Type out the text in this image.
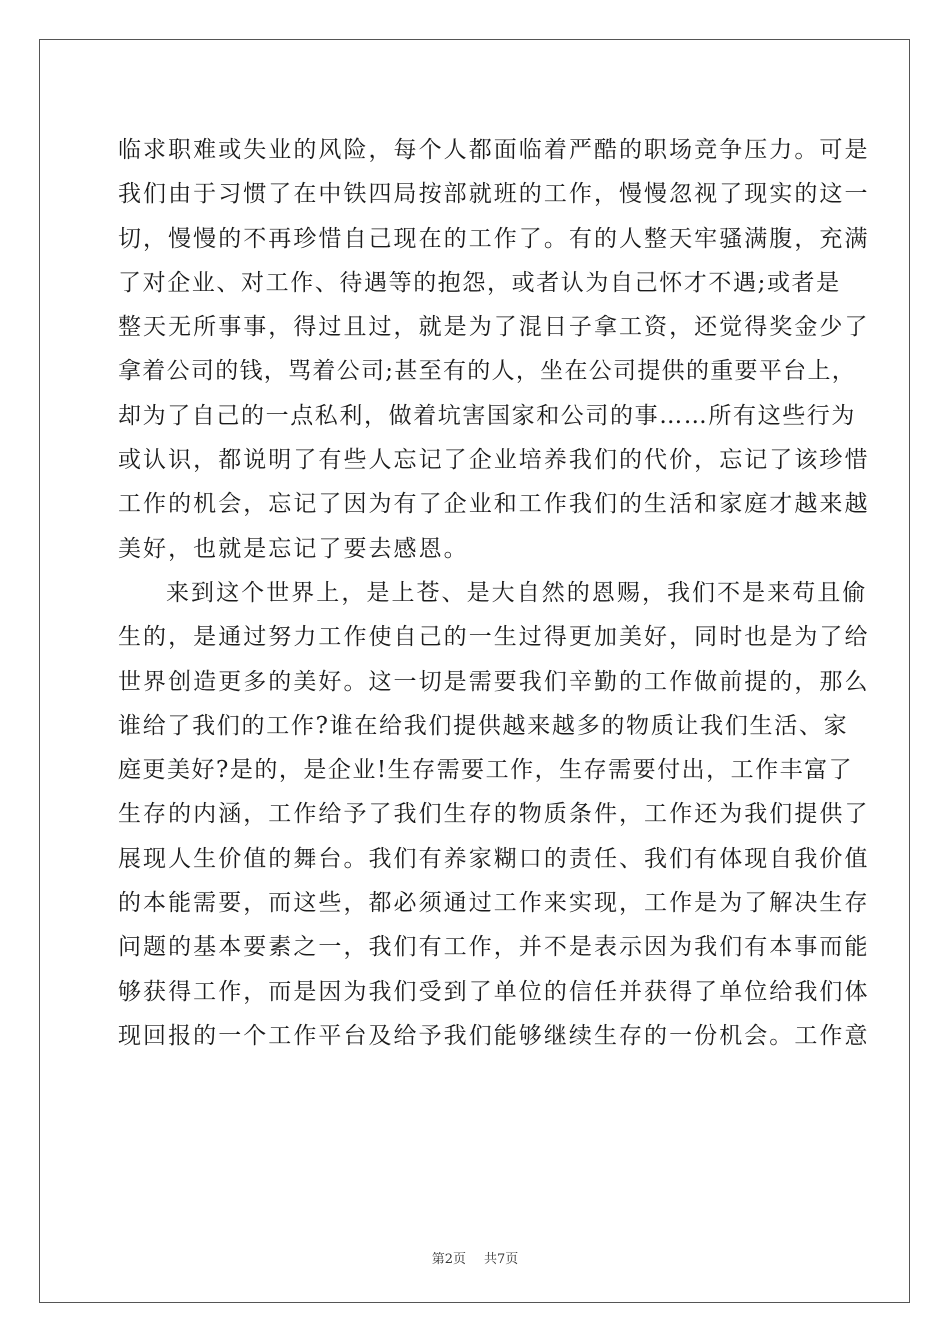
临求职难或失业的风险，每个人都面临着严酷的职场竞争压力。可是
我们由于习惯了在中铁四局按部就班的工作，慢慢忽视了现实的这一
切，慢慢的不再珍惜自己现在的工作了。有的人整天牢骚满腹，充满
了对企业、对工作、待遇等的抱怨，或者认为自己怀才不遇;或者是
整天无所事事，得过且过，就是为了混日子拿工资，还觉得奖金少了
拿着公司的钱，骂着公司;甚至有的人，坐在公司提供的重要平台上，
却为了自己的一点私利，做着坑害国家和公司的事……所有这些行为
或认识，都说明了有些人忘记了企业培养我们的代价，忘记了该珍惜
工作的机会，忘记了因为有了企业和工作我们的生活和家庭才越来越
美好，也就是忘记了要去感恩。
来到这个世界上，是上苍、是大自然的恩赐，我们不是来苟且偷
生的，是通过努力工作使自己的一生过得更加美好，同时也是为了给
世界创造更多的美好。这一切是需要我们辛勤的工作做前提的，那么
谁给了我们的工作?谁在给我们提供越来越多的物质让我们生活、家
庭更美好?是的，是企业!生存需要工作，生存需要付出，工作丰富了
生存的内涵，工作给予了我们生存的物质条件，工作还为我们提供了
展现人生价值的舞台。我们有养家糊口的责任、我们有体现自我价值
的本能需要，而这些，都必须通过工作来实现，工作是为了解决生存
问题的基本要素之一，我们有工作，并不是表示因为我们有本事而能
够获得工作，而是因为我们受到了单位的信任并获得了单位给我们体
现回报的一个工作平台及给予我们能够继续生存的一份机会。工作意
第2页 共7页
